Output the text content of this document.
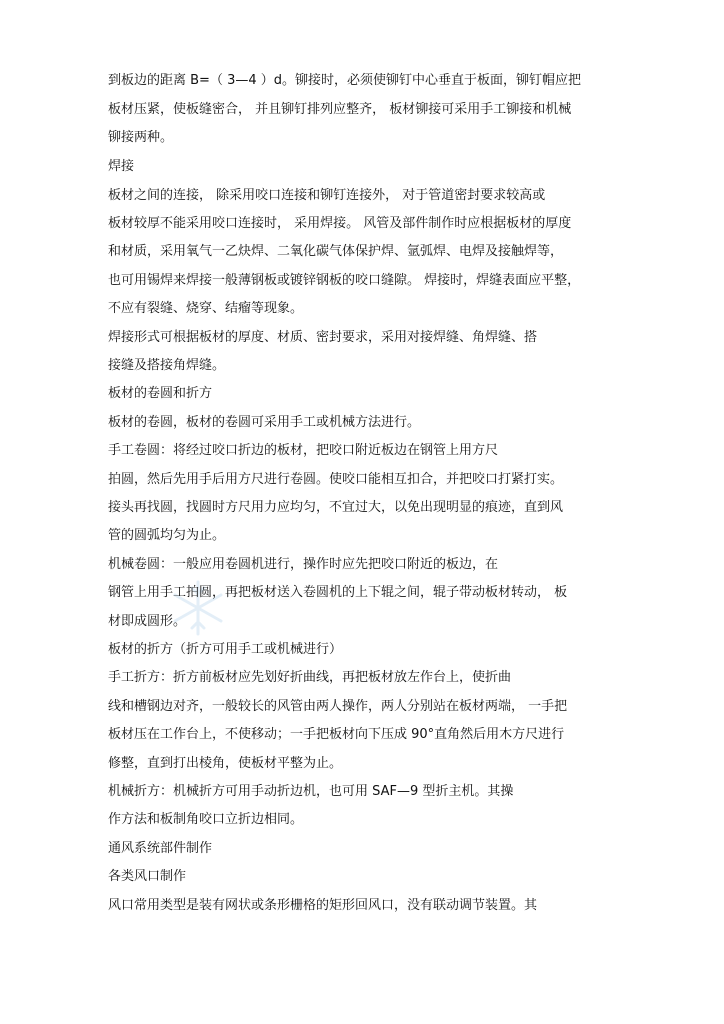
到板边的距离 B=（ 3—4 ）d。铆接时，必须使铆钉中心垂直于板面，铆钉帽应把
板材压紧，使板缝密合， 并且铆钉排列应整齐， 板材铆接可采用手工铆接和机械
铆接两种。
焊接
板材之间的连接， 除采用咬口连接和铆钉连接外， 对于管道密封要求较高或
板材较厚不能采用咬口连接时， 采用焊接。 风管及部件制作时应根据板材的厚度
和材质，采用氧气一乙炔焊、二氧化碳气体保护焊、氩弧焊、电焊及接触焊等，
也可用锡焊来焊接一般薄钢板或镀锌钢板的咬口缝隙。 焊接时，焊缝表面应平整，
不应有裂缝、烧穿、结瘤等现象。
焊接形式可根据板材的厚度、材质、密封要求，采用对接焊缝、角焊缝、搭
接缝及搭接角焊缝。
板材的卷圆和折方
板材的卷圆，板材的卷圆可采用手工或机械方法进行。
手工卷圆：将经过咬口折边的板材，把咬口附近板边在钢管上用方尺
拍圆，然后先用手后用方尺进行卷圆。使咬口能相互扣合，并把咬口打紧打实。
接头再找圆，找圆时方尺用力应均匀，不宜过大，以免出现明显的痕迹，直到风
管的圆弧均匀为止。
机械卷圆：一般应用卷圆机进行，操作时应先把咬口附近的板边，在
钢管上用手工拍圆，再把板材送入卷圆机的上下辊之间，辊子带动板材转动， 板
材即成圆形。
板材的折方（折方可用手工或机械进行）
手工折方：折方前板材应先划好折曲线，再把板材放左作台上，使折曲
线和槽钢边对齐，一般较长的风管由两人操作，两人分别站在板材两端， 一手把
板材压在工作台上，不使移动；一手把板材向下压成 90°直角然后用木方尺进行
修整，直到打出棱角，使板材平整为止。
机械折方：机械折方可用手动折边机，也可用 SAF—9 型折主机。其操
作方法和板制角咬口立折边相同。
通风系统部件制作
各类风口制作
风口常用类型是装有网状或条形栅格的矩形回风口，没有联动调节装置。其
